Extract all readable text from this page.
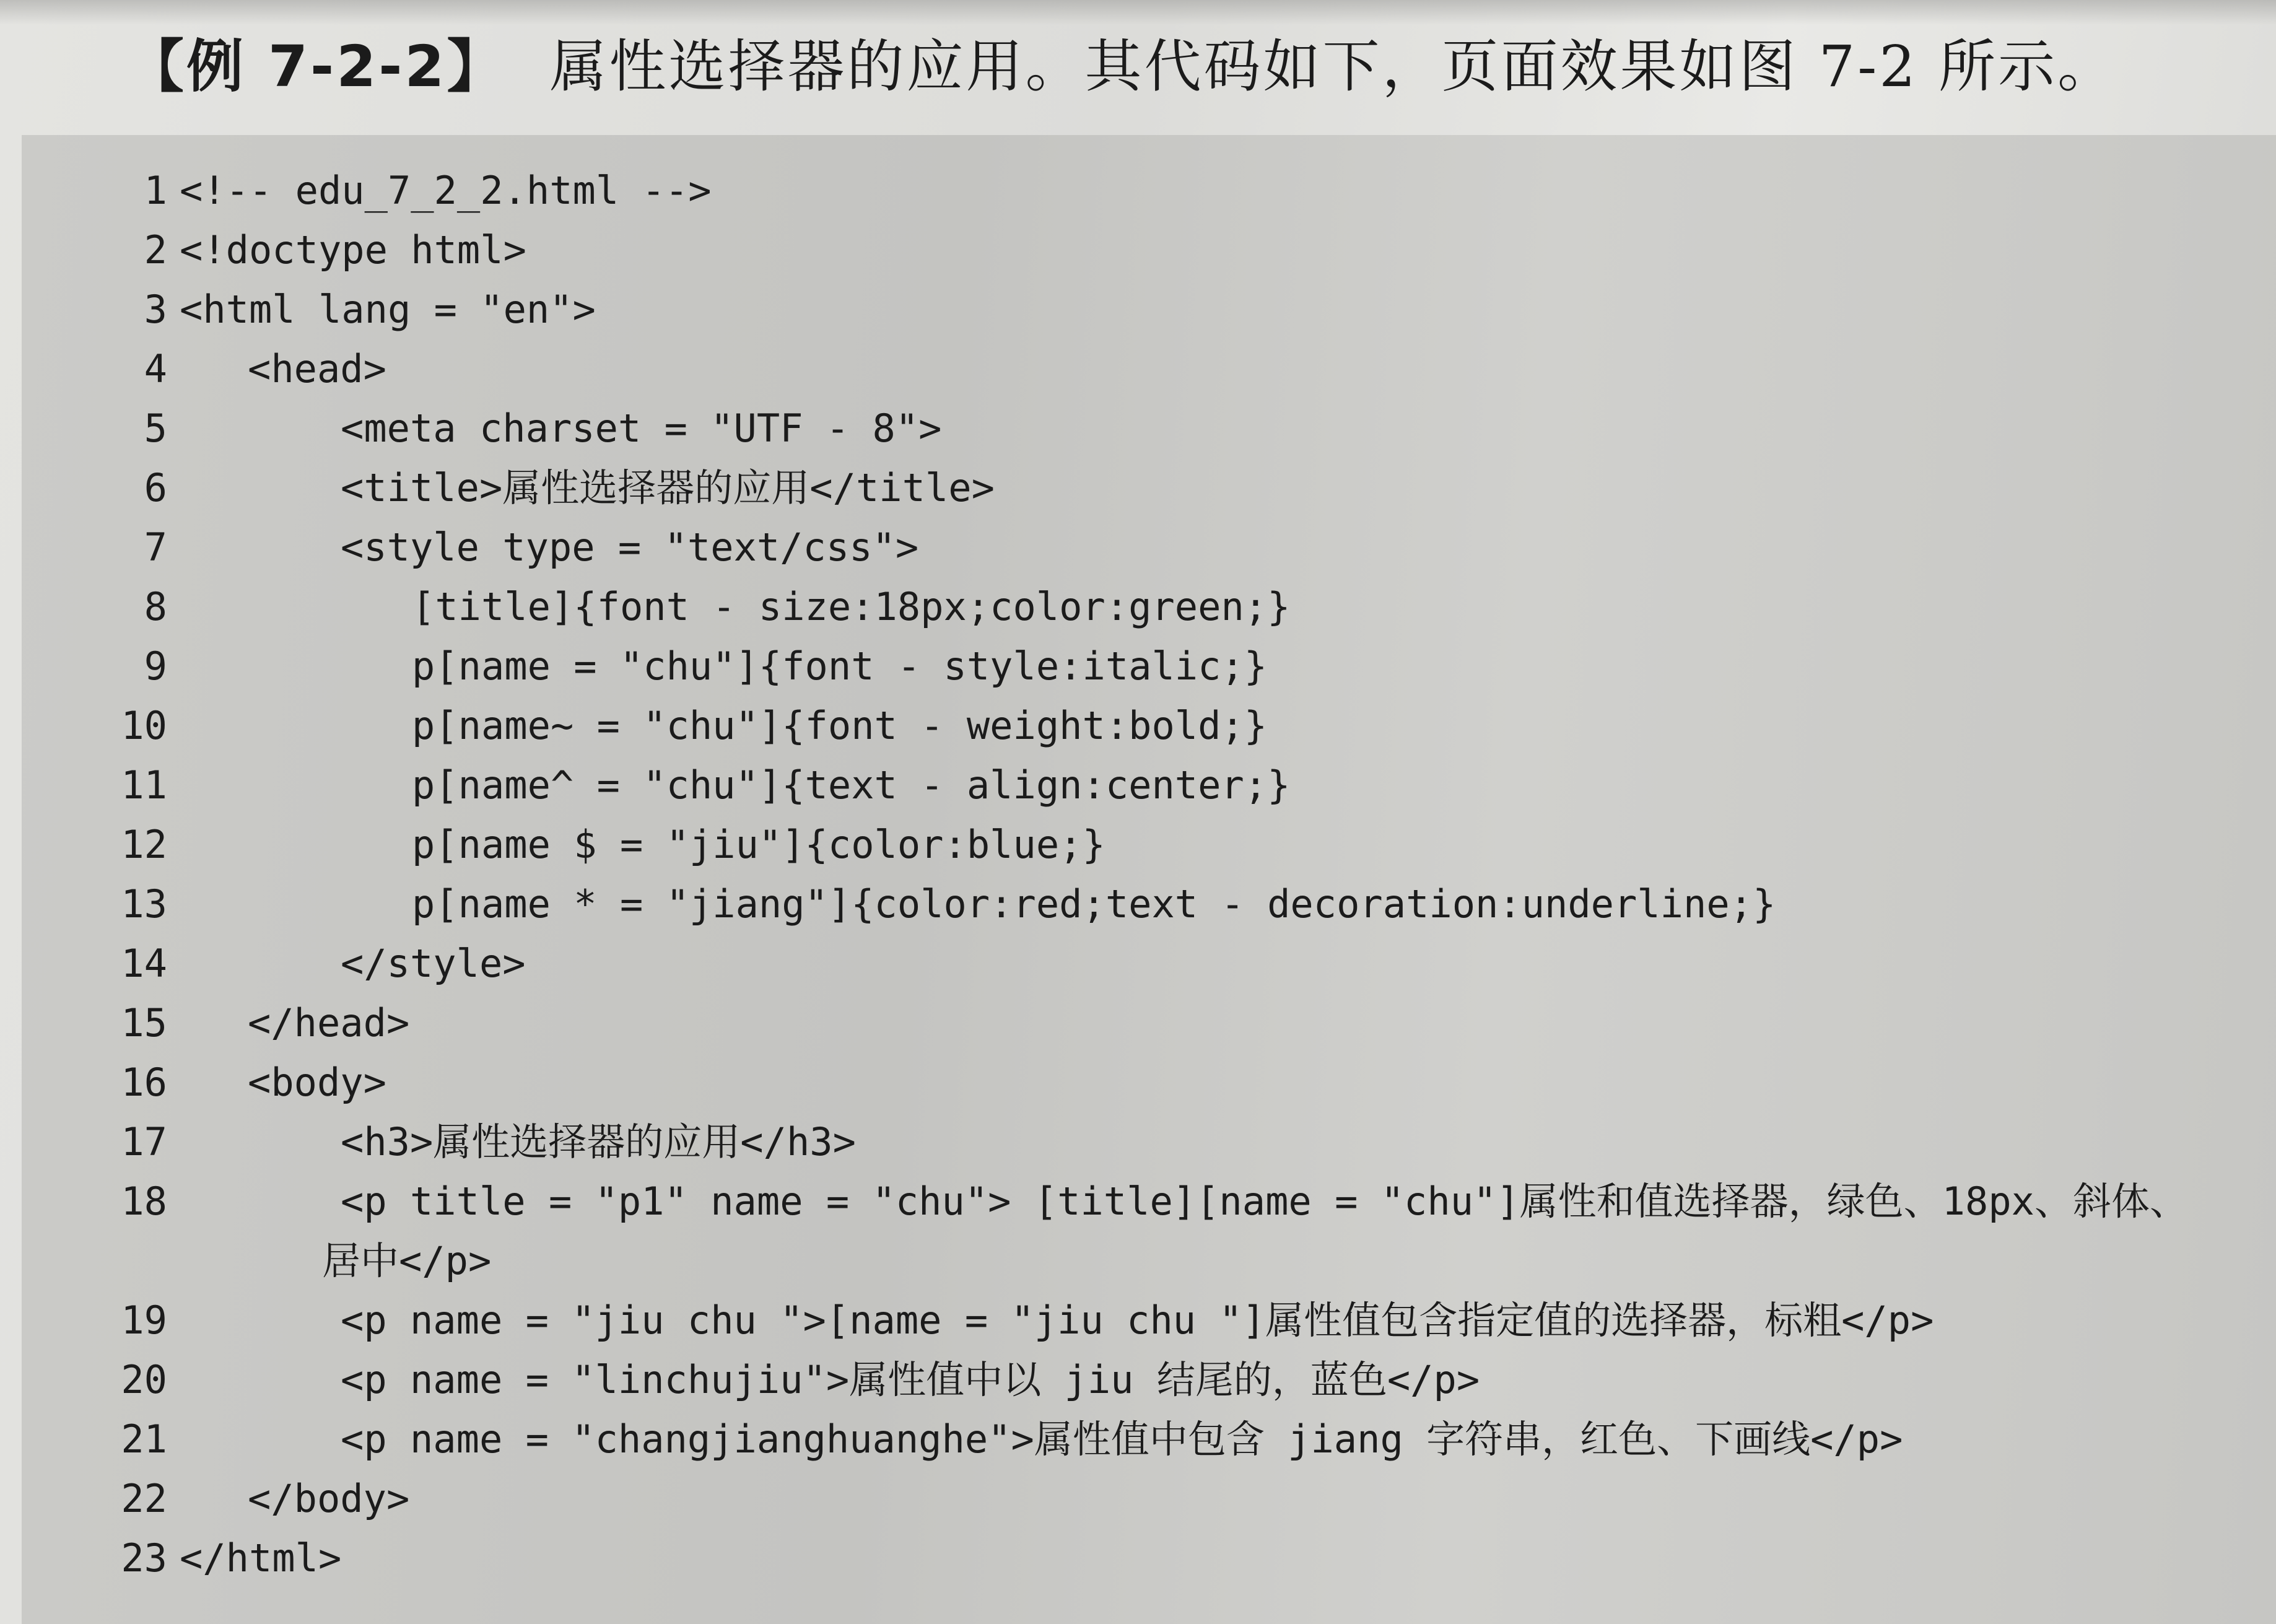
【例 7-2-2】 属性选择器的应用。其代码如下，页面效果如图 7-2 所示。
1 <!-- edu_7_2_2.html -->
2 <!doctype html>
3 <html lang = "en">
4 <head>
5	<meta charset = "UTF - 8">
6	<title>属性选择器的应用</title>
7	<style type = "text/css">
8	[title]{font - size:18px;color:green;}
9	p[name = "chu"]{font - style:italic;}
10	p[name~ = "chu"]{font - weight:bold;}
11	p[name^ = "chu"]{text - align:center;}
12	p[name $ = "jiu"]{color:blue;}
13	p[name * = "jiang"]{color:red;text - decoration:underline;}
14	</style>
15 </head>
16 <body>
17	<h3>属性选择器的应用</h3>
18	<p title = "p1" name = "chu"> [title][name = "chu"]属性和值选择器，绿色、18px、斜体、
居中</p>
19	<p name = "jiu chu ">[name = "jiu chu "]属性值包含指定值的选择器，标粗</p>
20	<p name = "linchujiu">属性值中以 jiu 结尾的，蓝色</p>
21	<p name = "changjianghuanghe">属性值中包含 jiang 字符串，红色、下画线</p>
22 </body>
23 </html>
